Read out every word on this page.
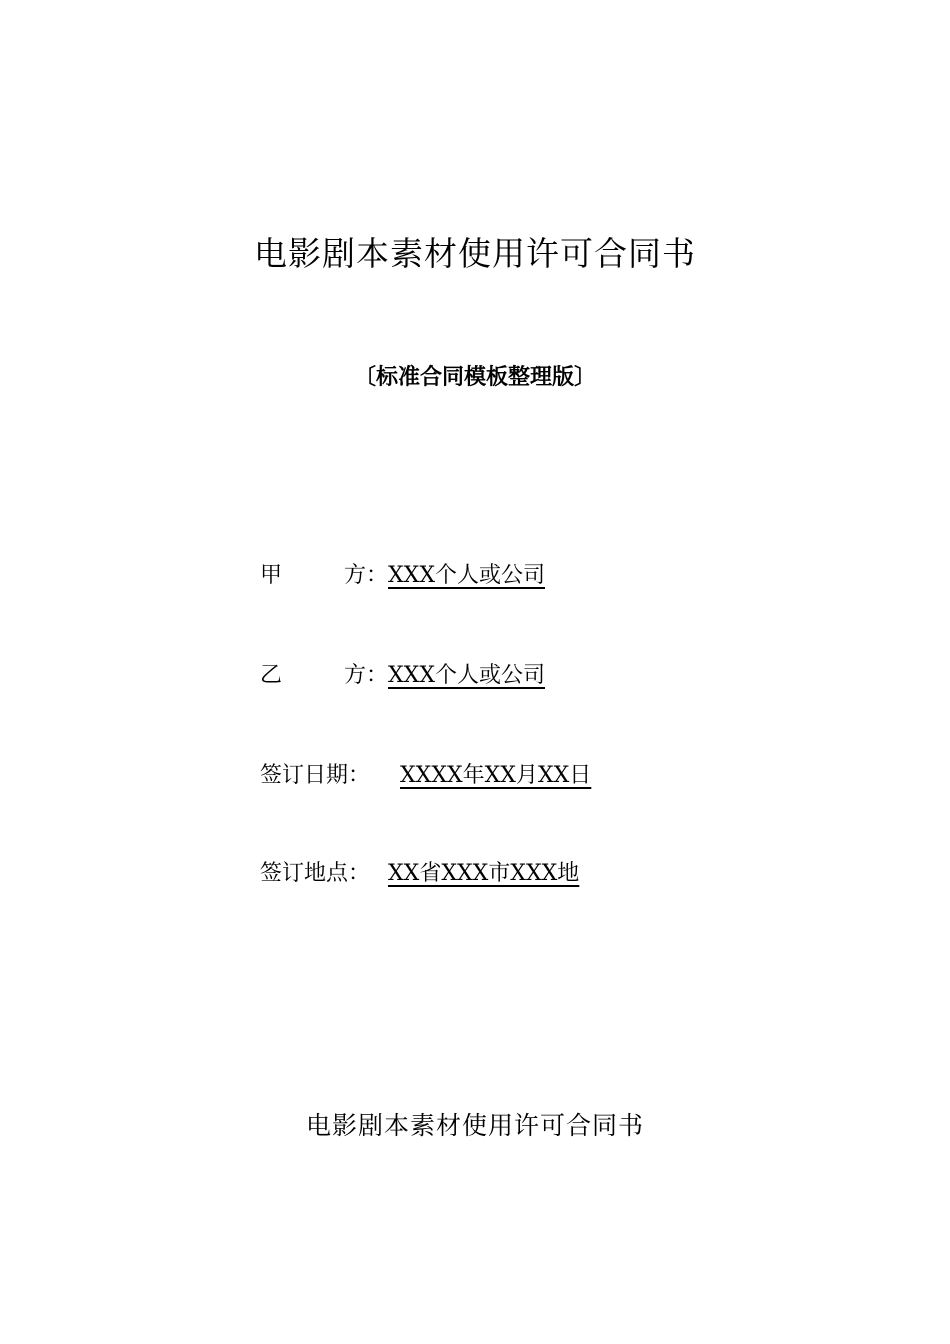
电影剧本素材使用许可合同书
〔标准合同模板整理版〕
甲	方： XXX个人或公司
乙	方： XXX个人或公司
签订日期： XXXX年XX月XX日
签订地点： XX省XXX市XXX地
电影剧本素材使用许可合同书
